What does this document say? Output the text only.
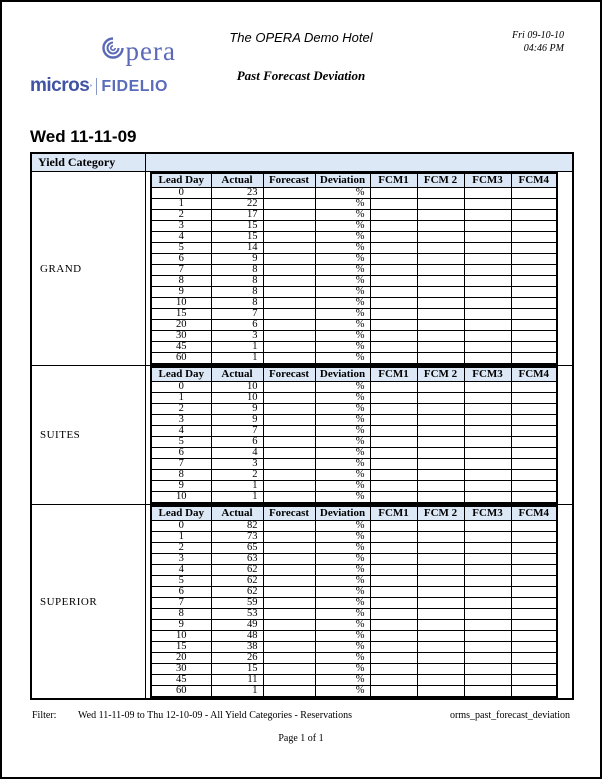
pera
micros ’ FIDELIO
The OPERA Demo Hotel
Past Forecast Deviation
Fri 09-10-10
04:46 PM
Wed 11-11-09
Yield Category	
GRAND	
Lead Day	Actual	Forecast	Deviation	FCM1	FCM 2	FCM3	FCM4
0	23		%				
1	22		%				
2	17		%				
3	15		%				
4	15		%				
5	14		%				
6	9		%				
7	8		%				
8	8		%				
9	8		%				
10	8		%				
15	7		%				
20	6		%				
30	3		%				
45	1		%				
60	1		%				

SUITES	
Lead Day	Actual	Forecast	Deviation	FCM1	FCM 2	FCM3	FCM4
0	10		%				
1	10		%				
2	9		%				
3	9		%				
4	7		%				
5	6		%				
6	4		%				
7	3		%				
8	2		%				
9	1		%				
10	1		%				

SUPERIOR	
Lead Day	Actual	Forecast	Deviation	FCM1	FCM 2	FCM3	FCM4
0	82		%				
1	73		%				
2	65		%				
3	63		%				
4	62		%				
5	62		%				
6	62		%				
7	59		%				
8	53		%				
9	49		%				
10	48		%				
15	38		%				
20	26		%				
30	15		%				
45	11		%				
60	1		%				
Filter: Wed 11-11-09 to Thu 12-10-09 - All Yield Categories - Reservations	orms_past_forecast_deviation
Page 1 of 1
